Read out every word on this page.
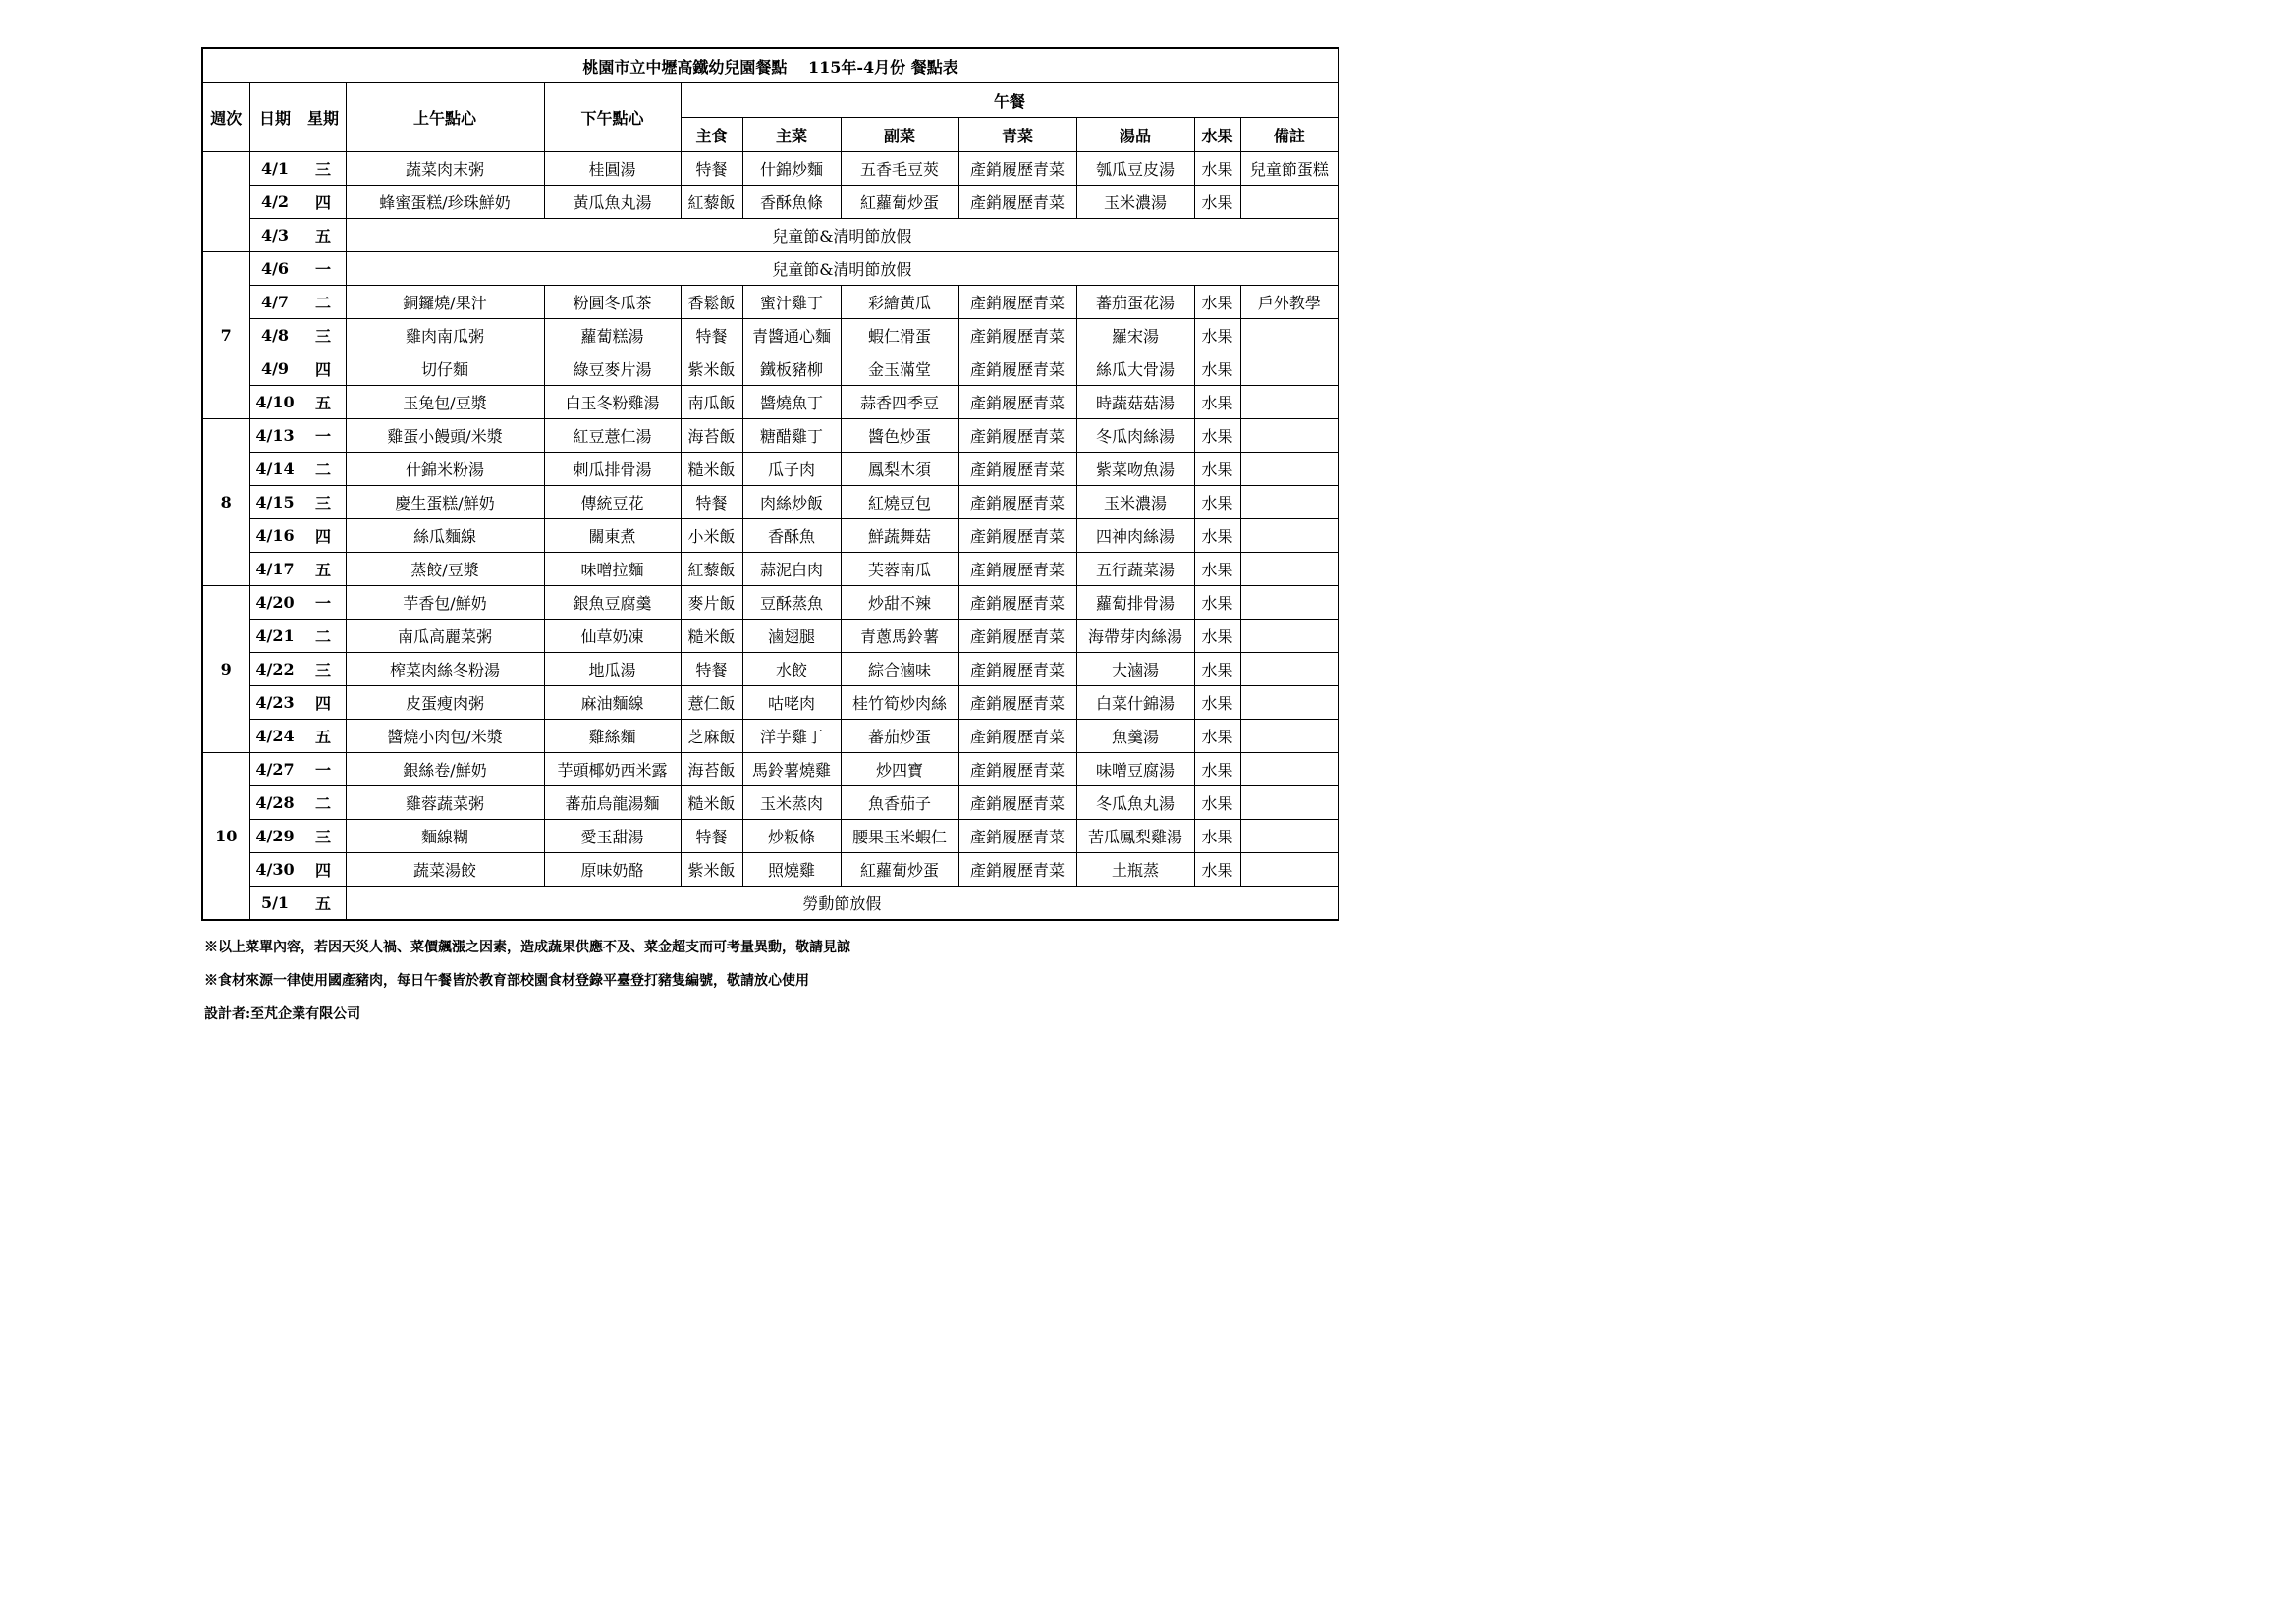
桃園市立中壢高鐵幼兒園餐點　 115年-4月份 餐點表											
週次	日期	星期	上午點心	下午點心	午餐						
					主食	主菜	副菜	青菜	湯品	水果	備註
	4/1	三	蔬菜肉末粥	桂圓湯	特餐	什錦炒麵	五香毛豆莢	產銷履歷青菜	瓠瓜豆皮湯	水果	兒童節蛋糕
	4/2	四	蜂蜜蛋糕/珍珠鮮奶	黃瓜魚丸湯	紅藜飯	香酥魚條	紅蘿蔔炒蛋	產銷履歷青菜	玉米濃湯	水果	
	4/3	五	兒童節&清明節放假								
7	4/6	一	兒童節&清明節放假								
	4/7	二	銅鑼燒/果汁	粉圓冬瓜茶	香鬆飯	蜜汁雞丁	彩繪黃瓜	產銷履歷青菜	蕃茄蛋花湯	水果	戶外教學
	4/8	三	雞肉南瓜粥	蘿蔔糕湯	特餐	青醬通心麵	蝦仁滑蛋	產銷履歷青菜	羅宋湯	水果	
	4/9	四	切仔麵	綠豆麥片湯	紫米飯	鐵板豬柳	金玉滿堂	產銷履歷青菜	絲瓜大骨湯	水果	
	4/10	五	玉兔包/豆漿	白玉冬粉雞湯	南瓜飯	醬燒魚丁	蒜香四季豆	產銷履歷青菜	時蔬菇菇湯	水果	
8	4/13	一	雞蛋小饅頭/米漿	紅豆薏仁湯	海苔飯	糖醋雞丁	醬色炒蛋	產銷履歷青菜	冬瓜肉絲湯	水果	
	4/14	二	什錦米粉湯	刺瓜排骨湯	糙米飯	瓜子肉	鳳梨木須	產銷履歷青菜	紫菜吻魚湯	水果	
	4/15	三	慶生蛋糕/鮮奶	傳統豆花	特餐	肉絲炒飯	紅燒豆包	產銷履歷青菜	玉米濃湯	水果	
	4/16	四	絲瓜麵線	關東煮	小米飯	香酥魚	鮮蔬舞菇	產銷履歷青菜	四神肉絲湯	水果	
	4/17	五	蒸餃/豆漿	味噌拉麵	紅藜飯	蒜泥白肉	芙蓉南瓜	產銷履歷青菜	五行蔬菜湯	水果	
9	4/20	一	芋香包/鮮奶	銀魚豆腐羹	麥片飯	豆酥蒸魚	炒甜不辣	產銷履歷青菜	蘿蔔排骨湯	水果	
	4/21	二	南瓜高麗菜粥	仙草奶凍	糙米飯	滷翅腿	青蔥馬鈴薯	產銷履歷青菜	海帶芽肉絲湯	水果	
	4/22	三	榨菜肉絲冬粉湯	地瓜湯	特餐	水餃	綜合滷味	產銷履歷青菜	大滷湯	水果	
	4/23	四	皮蛋瘦肉粥	麻油麵線	薏仁飯	咕咾肉	桂竹筍炒肉絲	產銷履歷青菜	白菜什錦湯	水果	
	4/24	五	醬燒小肉包/米漿	雞絲麵	芝麻飯	洋芋雞丁	蕃茄炒蛋	產銷履歷青菜	魚羹湯	水果	
10	4/27	一	銀絲卷/鮮奶	芋頭椰奶西米露	海苔飯	馬鈴薯燒雞	炒四寶	產銷履歷青菜	味噌豆腐湯	水果	
	4/28	二	雞蓉蔬菜粥	蕃茄烏龍湯麵	糙米飯	玉米蒸肉	魚香茄子	產銷履歷青菜	冬瓜魚丸湯	水果	
	4/29	三	麵線糊	愛玉甜湯	特餐	炒粄條	腰果玉米蝦仁	產銷履歷青菜	苦瓜鳳梨雞湯	水果	
	4/30	四	蔬菜湯餃	原味奶酪	紫米飯	照燒雞	紅蘿蔔炒蛋	產銷履歷青菜	土瓶蒸	水果	
	5/1	五	勞動節放假								
※以上菜單內容，若因天災人禍、菜價飆漲之因素，造成蔬果供應不及、菜金超支而可考量異動，敬請見諒
※食材來源一律使用國產豬肉，每日午餐皆於教育部校園食材登錄平臺登打豬隻編號，敬請放心使用
設計者:至芃企業有限公司
